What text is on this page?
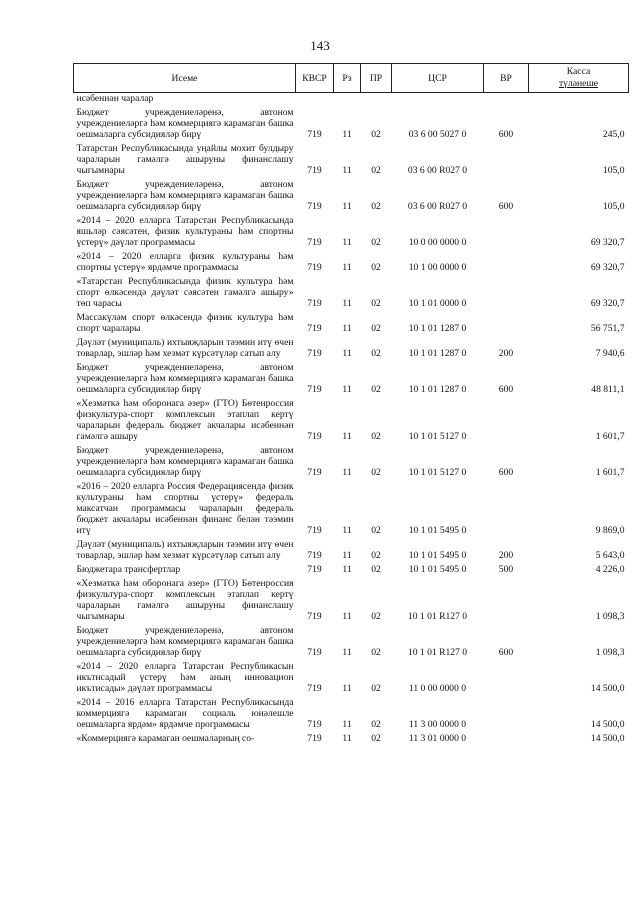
143
Исеме	КВСР	Рз	ПР	ЦСР	ВР	Касса
түләнеше

исәбеннән чаралар						
Бюджет учреждениеләренә, автоном учреждениеләргә һәм коммерциягә карамаган башка оешмаларга субсидияләр бирү	719	11	02	03 6 00 5027 0	600	245,0
Татарстан Республикасында уңайлы мохит булдыру чараларын гамәлгә ашыруны финанслашу чыгымнары	719	11	02	03 6 00 R027 0		105,0
Бюджет учреждениеләренә, автоном учреждениеләргә һәм коммерциягә карамаган башка оешмаларга субсидияләр бирү	719	11	02	03 6 00 R027 0	600	105,0
«2014 – 2020 елларга Татарстан Республикасында яшьләр сәясәтен, физик культураны һәм спортны үстерү» дәүләт программасы	719	11	02	10 0 00 0000 0		69 320,7
«2014 – 2020 елларга физик культураны һәм спортны үстерү» ярдәмче программасы	719	11	02	10 1 00 0000 0		69 320,7
«Татарстан Республикасында физик культура һәм спорт өлкәсендә дәүләт сәясәтен гамәлгә ашыру» төп чарасы	719	11	02	10 1 01 0000 0		69 320,7
Массакүләм спорт өлкәсендә физик культура һәм спорт чаралары	719	11	02	10 1 01 1287 0		56 751,7
Дәүләт (муниципаль) ихтыяҗларын тәэмин итү өчен товарлар, эшләр һәм хезмәт күрсәтүләр сатып алу	719	11	02	10 1 01 1287 0	200	7 940,6
Бюджет учреждениеләренә, автоном учреждениеләргә һәм коммерциягә карамаган башка оешмаларга субсидияләр бирү	719	11	02	10 1 01 1287 0	600	48 811,1
«Хезмәткә һәм оборонага әзер» (ГТО) Бөтенроссия физкультура-спорт комплексын этаплап кертү чараларын федераль бюджет акчалары исәбеннән гамәлгә ашыру	719	11	02	10 1 01 5127 0		1 601,7
Бюджет учреждениеләренә, автоном учреждениеләргә һәм коммерциягә карамаган башка оешмаларга субсидияләр бирү	719	11	02	10 1 01 5127 0	600	1 601,7
«2016 – 2020 елларга Россия Федерациясендә физик культураны һәм спортны үстерү» федераль максатчан программасы чараларын федераль бюджет акчалары исәбеннән финанс белән тәэмин итү	719	11	02	10 1 01 5495 0		9 869,0
Дәүләт (муниципаль) ихтыяҗларын тәэмин итү өчен товарлар, эшләр һәм хезмәт күрсәтүләр сатып алу	719	11	02	10 1 01 5495 0	200	5 643,0
Бюджетара трансфертлар	719	11	02	10 1 01 5495 0	500	4 226,0
«Хезмәткә һәм оборонага әзер» (ГТО) Бөтенроссия физкультура-спорт комплексын этаплап кертү чараларын гамәлгә ашыруны финанслашу чыгымнары	719	11	02	10 1 01 R127 0		1 098,3
Бюджет учреждениеләренә, автоном учреждениеләргә һәм коммерциягә карамаган башка оешмаларга субсидияләр бирү	719	11	02	10 1 01 R127 0	600	1 098,3
«2014 – 2020 елларга Татарстан Республикасын икътисадый үстерү һәм аның инновацион икътисады» дәүләт программасы	719	11	02	11 0 00 0000 0		14 500,0
«2014 – 2016 елларга Татарстан Республикасында коммерциягә карамаган социаль юнәлешле оешмаларга ярдәм» ярдәмче программасы	719	11	02	11 3 00 0000 0		14 500,0
«Коммерциягә карамаган оешмаларның со-	719	11	02	11 3 01 0000 0		14 500,0
